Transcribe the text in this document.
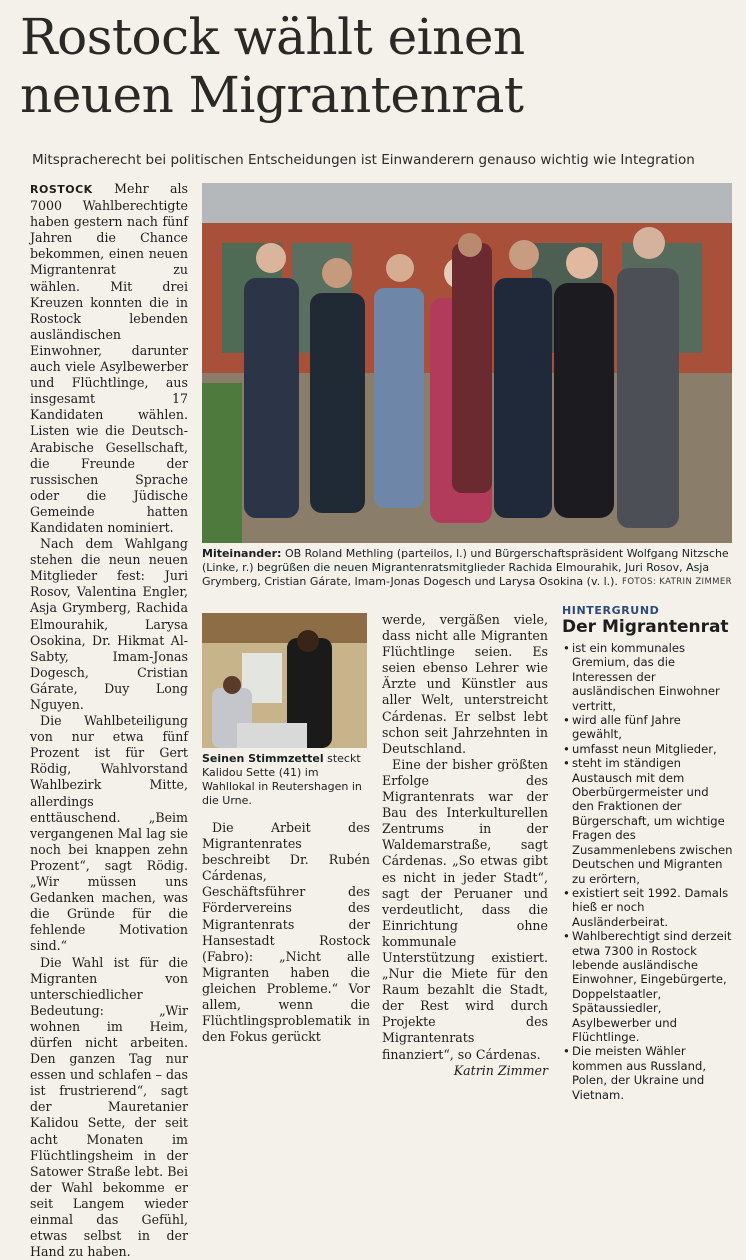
Rostock wählt einen
neuen Migrantenrat
Mitspracherecht bei politischen Entscheidungen ist Einwanderern genauso wichtig wie Integration

ROSTOCK Mehr als 7000 Wahlberechtigte haben gestern nach fünf Jahren die Chance bekommen, einen neuen Migrantenrat zu wählen. Mit drei Kreuzen konnten die in Rostock lebenden ausländischen Einwohner, darunter auch viele Asylbewerber und Flüchtlinge, aus insgesamt 17 Kandidaten wählen. Listen wie die Deutsch-Arabische Gesellschaft, die Freunde der russischen Sprache oder die Jüdische Gemeinde hatten Kandidaten nominiert.

Nach dem Wahlgang stehen die neun neuen Mitglieder fest: Juri Rosov, Valentina Engler, Asja Grymberg, Rachida Elmourahik, Larysa Osokina, Dr. Hikmat Al-Sabty, Imam-Jonas Dogesch, Cristian Gárate, Duy Long Nguyen.

Die Wahlbeteiligung von nur etwa fünf Prozent ist für Gert Rödig, Wahlvorstand Wahlbezirk Mitte, allerdings enttäuschend. „Beim vergangenen Mal lag sie noch bei knappen zehn Prozent“, sagt Rödig. „Wir müssen uns Gedanken machen, was die Gründe für die fehlende Motivation sind.“

Die Wahl ist für die Migranten von unterschiedlicher Bedeutung: „Wir wohnen im Heim, dürfen nicht arbeiten. Den ganzen Tag nur essen und schlafen – das ist frustrierend“, sagt der Mauretanier Kalidou Sette, der seit acht Monaten im Flüchtlingsheim in der Satower Straße lebt. Bei der Wahl bekomme er seit Langem wieder einmal das Gefühl, etwas selbst in der Hand zu haben.

Miteinander: OB Roland Methling (parteilos, l.) und Bürgerschaftspräsident Wolfgang Nitzsche (Linke, r.) begrüßen die neuen Migrantenratsmitglieder Rachida Elmourahik, Juri Rosov, Asja Grymberg, Cristian Gárate, Imam-Jonas Dogesch und Larysa Osokina (v. l.). FOTOS: KATRIN ZIMMER
Seinen Stimmzettel steckt Kalidou Sette (41) im Wahllokal in Reutershagen in die Urne.

Die Arbeit des Migrantenrates beschreibt Dr. Rubén Cárdenas, Geschäftsführer des Fördervereins des Migrantenrats der Hansestadt Rostock (Fabro): „Nicht alle Migranten haben die gleichen Probleme.“ Vor allem, wenn die Flüchtlingsproblematik in den Fokus gerückt

werde, vergäßen viele, dass nicht alle Migranten Flüchtlinge seien. Es seien ebenso Lehrer wie Ärzte und Künstler aus aller Welt, unterstreicht Cárdenas. Er selbst lebt schon seit Jahrzehnten in Deutschland.

Eine der bisher größten Erfolge des Migrantenrats war der Bau des Interkulturellen Zentrums in der Waldemarstraße, sagt Cárdenas. „So etwas gibt es nicht in jeder Stadt“, sagt der Peruaner und verdeutlicht, dass die Einrichtung ohne kommunale Unterstützung existiert. „Nur die Miete für den Raum bezahlt die Stadt, der Rest wird durch Projekte des Migrantenrats finanziert“, so Cárdenas.

Katrin Zimmer
HINTERGRUND
Der Migrantenrat
• ist ein kommunales Gremium, das die Interessen der ausländischen Einwohner vertritt,
• wird alle fünf Jahre gewählt,
• umfasst neun Mitglieder,
• steht im ständigen Austausch mit dem Oberbürgermeister und den Fraktionen der Bürgerschaft, um wichtige Fragen des Zusammenlebens zwischen Deutschen und Migranten zu erörtern,
• existiert seit 1992. Damals hieß er noch Ausländerbeirat.
• Wahlberechtigt sind derzeit etwa 7300 in Rostock lebende ausländische Einwohner, Eingebürgerte, Doppelstaatler, Spätaussiedler, Asylbewerber und Flüchtlinge.
• Die meisten Wähler kommen aus Russland, Polen, der Ukraine und Vietnam.
